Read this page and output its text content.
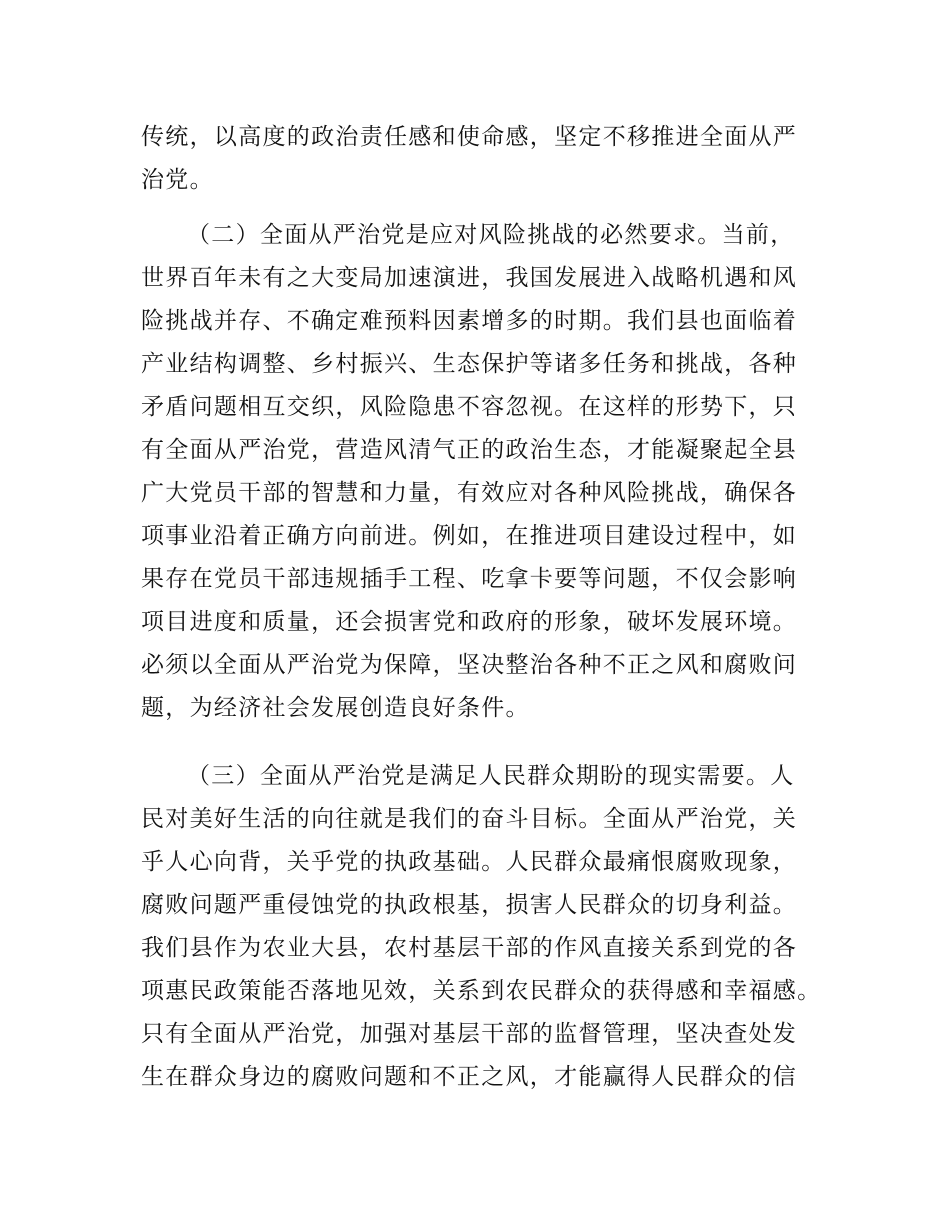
传统，以高度的政治责任感和使命感，坚定不移推进全面从严
治党。
（二）全面从严治党是应对风险挑战的必然要求。当前，
世界百年未有之大变局加速演进，我国发展进入战略机遇和风
险挑战并存、不确定难预料因素增多的时期。我们县也面临着
产业结构调整、乡村振兴、生态保护等诸多任务和挑战，各种
矛盾问题相互交织，风险隐患不容忽视。在这样的形势下，只
有全面从严治党，营造风清气正的政治生态，才能凝聚起全县
广大党员干部的智慧和力量，有效应对各种风险挑战，确保各
项事业沿着正确方向前进。例如，在推进项目建设过程中，如
果存在党员干部违规插手工程、吃拿卡要等问题，不仅会影响
项目进度和质量，还会损害党和政府的形象，破坏发展环境。
必须以全面从严治党为保障，坚决整治各种不正之风和腐败问
题，为经济社会发展创造良好条件。
（三）全面从严治党是满足人民群众期盼的现实需要。人
民对美好生活的向往就是我们的奋斗目标。全面从严治党，关
乎人心向背，关乎党的执政基础。人民群众最痛恨腐败现象，
腐败问题严重侵蚀党的执政根基，损害人民群众的切身利益。
我们县作为农业大县，农村基层干部的作风直接关系到党的各
项惠民政策能否落地见效，关系到农民群众的获得感和幸福感。
只有全面从严治党，加强对基层干部的监督管理，坚决查处发
生在群众身边的腐败问题和不正之风，才能赢得人民群众的信
